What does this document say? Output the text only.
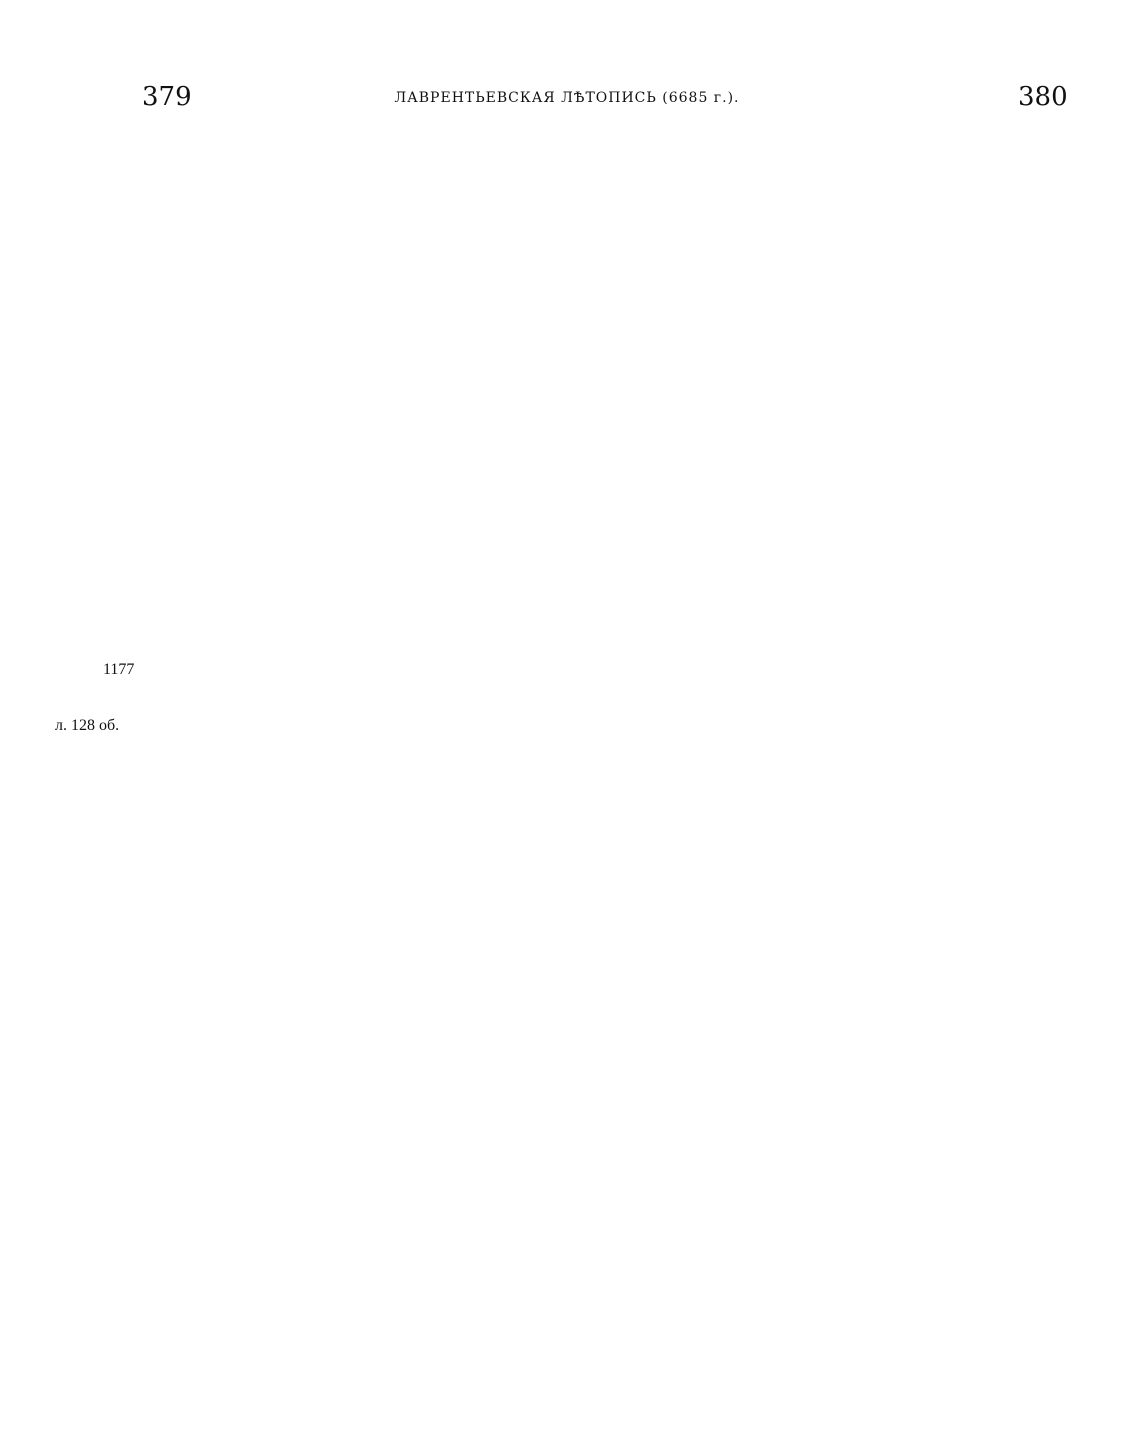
379	ЛАВРЕНТЬЕВСКАЯ ЛѢТОПИСЬ (6685 г.).	380
1177
л. 128 об.
